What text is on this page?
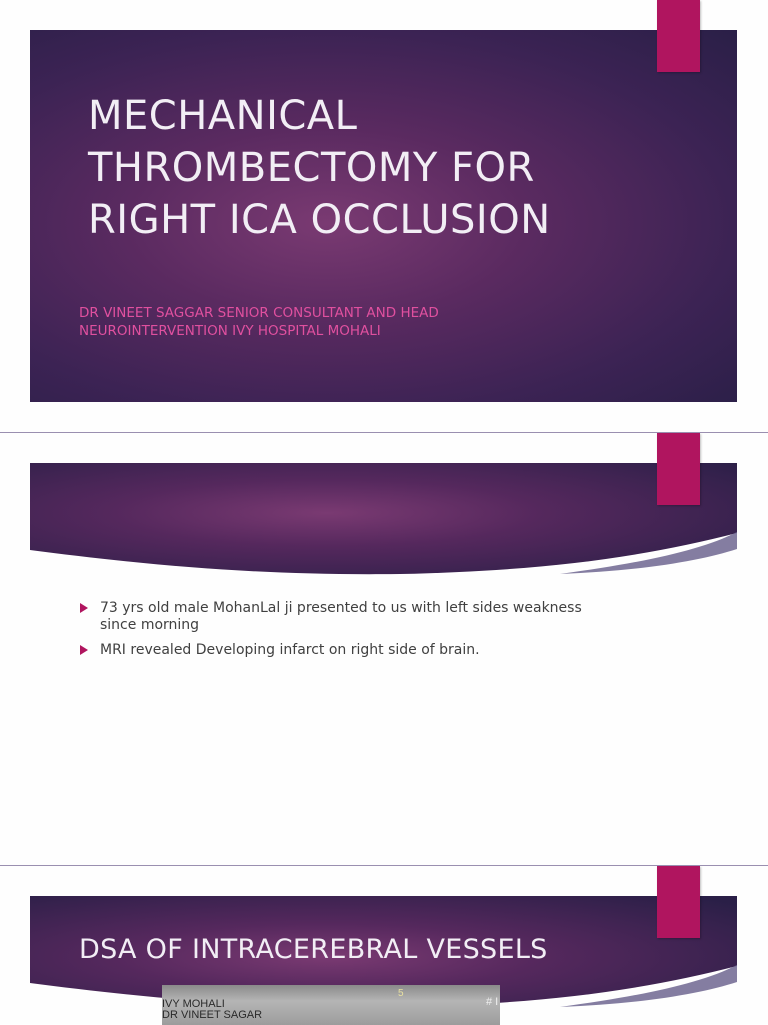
MECHANICAL
THROMBECTOMY FOR
RIGHT ICA OCCLUSION
DR VINEET SAGGAR SENIOR CONSULTANT AND HEAD
NEUROINTERVENTION IVY HOSPITAL MOHALI
73 yrs old male MohanLal ji presented to us with left sides weakness
since morning
MRI revealed Developing infarct on right side of brain.
DSA OF INTRACEREBRAL VESSELS
IVY MOHALI
DR VINEET SAGAR
5
# I
